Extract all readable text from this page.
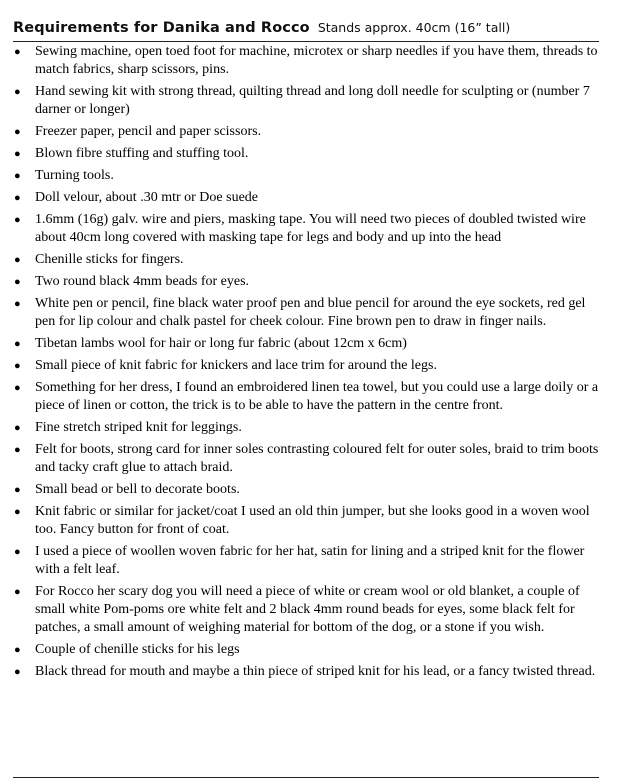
Requirements for Danika and Rocco Stands approx. 40cm (16” tall)
● Sewing machine, open toed foot for machine, microtex or sharp needles if you have them, threads to match fabrics, sharp scissors, pins.
● Hand sewing kit with strong thread, quilting thread and long doll needle for sculpting or (number 7 darner or longer)
● Freezer paper, pencil and paper scissors.
● Blown fibre stuffing and stuffing tool.
● Turning tools.
● Doll velour, about .30 mtr or Doe suede
● 1.6mm (16g) galv. wire and piers, masking tape. You will need two pieces of doubled twisted wire about 40cm long covered with masking tape for legs and body and up into the head
● Chenille sticks for fingers.
● Two round black 4mm beads for eyes.
● White pen or pencil, fine black water proof pen and blue pencil for around the eye sockets, red gel pen for lip colour and chalk pastel for cheek colour. Fine brown pen to draw in finger nails.
● Tibetan lambs wool for hair or long fur fabric (about 12cm x 6cm)
● Small piece of knit fabric for knickers and lace trim for around the legs.
● Something for her dress, I found an embroidered linen tea towel, but you could use a large doily or a piece of linen or cotton, the trick is to be able to have the pattern in the centre front.
● Fine stretch striped knit for leggings.
● Felt for boots, strong card for inner soles contrasting coloured felt for outer soles, braid to trim boots and tacky craft glue to attach braid.
● Small bead or bell to decorate boots.
● Knit fabric or similar for jacket/coat I used an old thin jumper, but she looks good in a woven wool too. Fancy button for front of coat.
● I used a piece of woollen woven fabric for her hat, satin for lining and a striped knit for the flower with a felt leaf.
● For Rocco her scary dog you will need a piece of white or cream wool or old blanket, a couple of small white Pom-poms ore white felt and 2 black 4mm round beads for eyes, some black felt for patches, a small amount of weighing material for bottom of the dog, or a stone if you wish.
● Couple of chenille sticks for his legs
● Black thread for mouth and maybe a thin piece of striped knit for his lead, or a fancy twisted thread.
